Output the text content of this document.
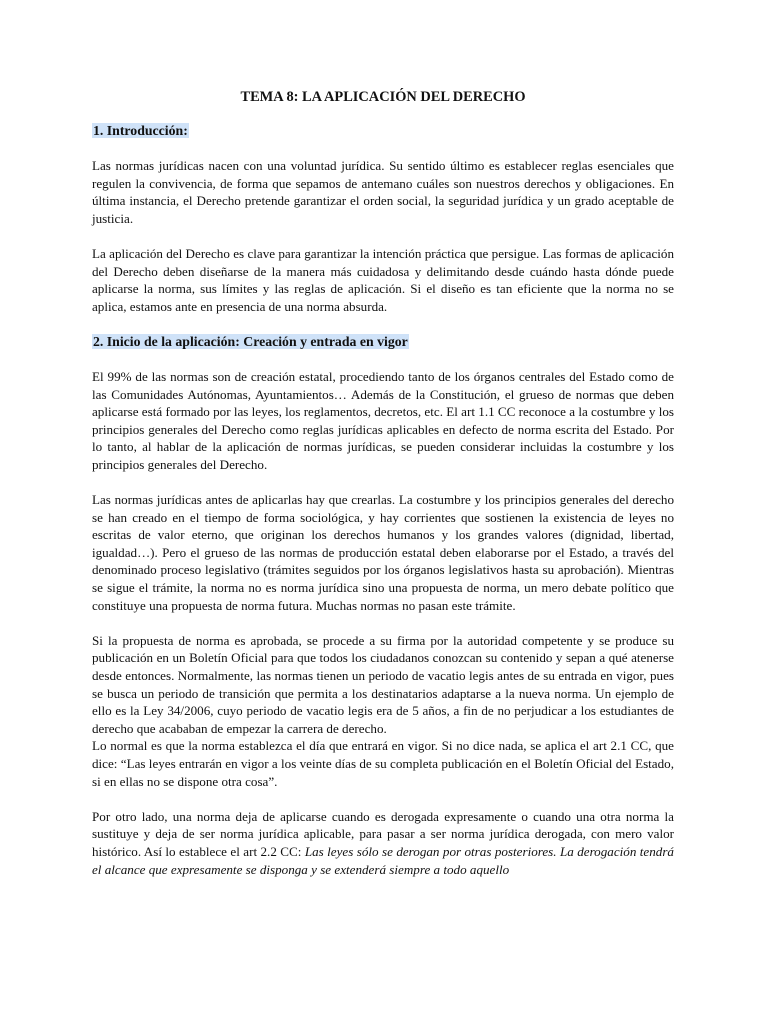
TEMA 8: LA APLICACIÓN DEL DERECHO
1. Introducción:

Las normas jurídicas nacen con una voluntad jurídica. Su sentido último es establecer reglas esenciales que regulen la convivencia, de forma que sepamos de antemano cuáles son nuestros derechos y obligaciones. En última instancia, el Derecho pretende garantizar el orden social, la seguridad jurídica y un grado aceptable de justicia.

La aplicación del Derecho es clave para garantizar la intención práctica que persigue. Las formas de aplicación del Derecho deben diseñarse de la manera más cuidadosa y delimitando desde cuándo hasta dónde puede aplicarse la norma, sus límites y las reglas de aplicación. Si el diseño es tan eficiente que la norma no se aplica, estamos ante en presencia de una norma absurda.

2. Inicio de la aplicación: Creación y entrada en vigor

El 99% de las normas son de creación estatal, procediendo tanto de los órganos centrales del Estado como de las Comunidades Autónomas, Ayuntamientos… Además de la Constitución, el grueso de normas que deben aplicarse está formado por las leyes, los reglamentos, decretos, etc. El art 1.1 CC reconoce a la costumbre y los principios generales del Derecho como reglas jurídicas aplicables en defecto de norma escrita del Estado. Por lo tanto, al hablar de la aplicación de normas jurídicas, se pueden considerar incluidas la costumbre y los principios generales del Derecho.

Las normas jurídicas antes de aplicarlas hay que crearlas. La costumbre y los principios generales del derecho se han creado en el tiempo de forma sociológica, y hay corrientes que sostienen la existencia de leyes no escritas de valor eterno, que originan los derechos humanos y los grandes valores (dignidad, libertad, igualdad…). Pero el grueso de las normas de producción estatal deben elaborarse por el Estado, a través del denominado proceso legislativo (trámites seguidos por los órganos legislativos hasta su aprobación). Mientras se sigue el trámite, la norma no es norma jurídica sino una propuesta de norma, un mero debate político que constituye una propuesta de norma futura. Muchas normas no pasan este trámite.

Si la propuesta de norma es aprobada, se procede a su firma por la autoridad competente y se produce su publicación en un Boletín Oficial para que todos los ciudadanos conozcan su contenido y sepan a qué atenerse desde entonces. Normalmente, las normas tienen un periodo de vacatio legis antes de su entrada en vigor, pues se busca un periodo de transición que permita a los destinatarios adaptarse a la nueva norma. Un ejemplo de ello es la Ley 34/2006, cuyo periodo de vacatio legis era de 5 años, a fin de no perjudicar a los estudiantes de derecho que acababan de empezar la carrera de derecho.

Lo normal es que la norma establezca el día que entrará en vigor. Si no dice nada, se aplica el art 2.1 CC, que dice: “Las leyes entrarán en vigor a los veinte días de su completa publicación en el Boletín Oficial del Estado, si en ellas no se dispone otra cosa”.

Por otro lado, una norma deja de aplicarse cuando es derogada expresamente o cuando una otra norma la sustituye y deja de ser norma jurídica aplicable, para pasar a ser norma jurídica derogada, con mero valor histórico. Así lo establece el art 2.2 CC: Las leyes sólo se derogan por otras posteriores. La derogación tendrá el alcance que expresamente se disponga y se extenderá siempre a todo aquello
